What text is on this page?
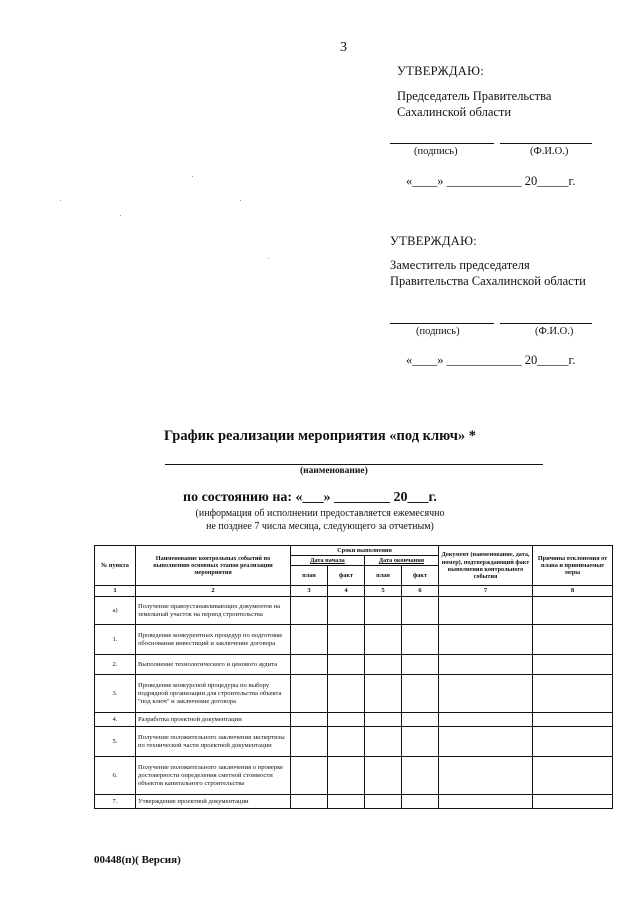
3
УТВЕРЖДАЮ:
Председатель Правительства
Сахалинской области
(подпись)	(Ф.И.О.)
«____» ____________ 20_____г.
УТВЕРЖДАЮ:
Заместитель председателя
Правительства Сахалинской области
(подпись)	(Ф.И.О.)
«____» ____________ 20_____г.
График реализации мероприятия «под ключ» *
(наименование)
по состоянию на: «___» ________ 20___г.
(информация об исполнении предоставляется ежемесячно
не позднее 7 числа месяца, следующего за отчетным)
№ пункта	Наименование контрольных событий по выполнению основных этапов реализации мероприятия	Сроки выполнения				Документ (наименование, дата, номер), подтверждающий факт выполнения контрольного события	Причины отклонения от плана и принимаемые меры
		Дата начала		Дата окончания			
		план	факт	план	факт		
1	2	3	4	5	6	7	8
а)	Получение правоустанавливающих документов на земельный участок на период строительства						
1.	Проведение конкурентных процедур по подготовке обоснования инвестиций и заключение договора						
2.	Выполнение технологического и ценового аудита						
3.	Проведение конкурсной процедуры по выбору подрядной организации для строительства объекта "под ключ" и заключение договора						
4.	Разработка проектной документации						
5.	Получение положительного заключения экспертизы по технической части проектной документации						
6.	Получение положительного заключения о проверке достоверности определения сметной стоимости объектов капитального строительства						
7.	Утверждение проектной документации						
00448(п)( Версия)
